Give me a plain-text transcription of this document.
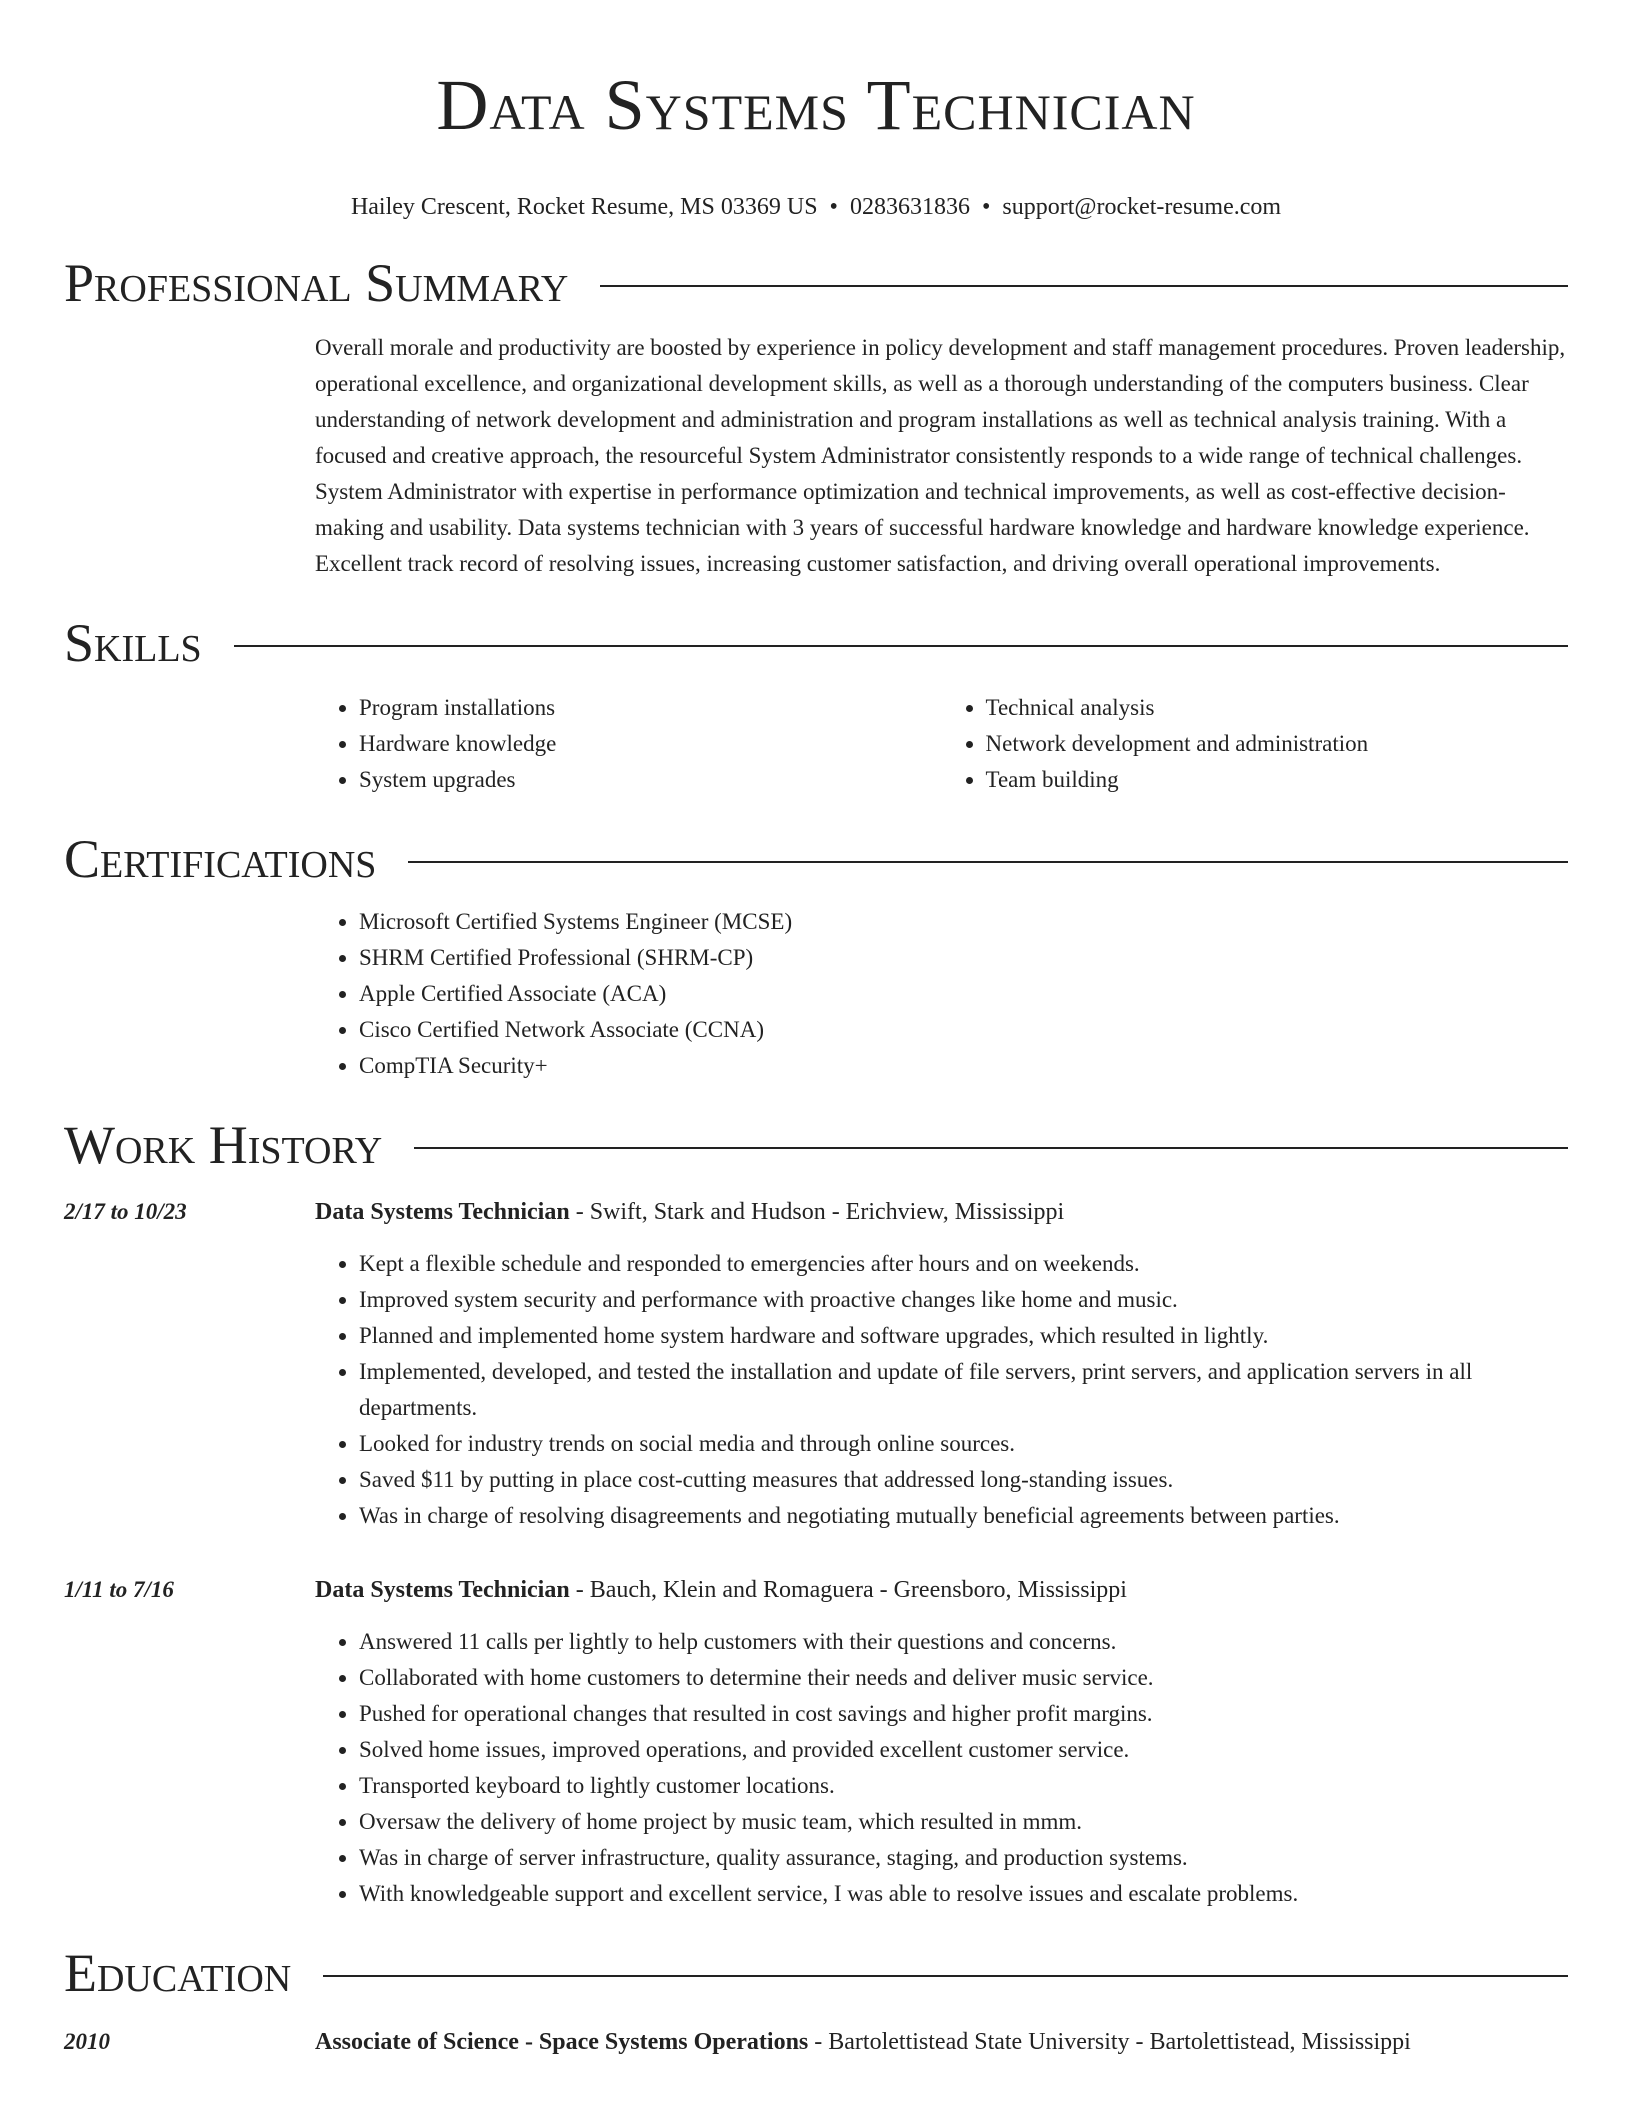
Data Systems Technician
Hailey Crescent, Rocket Resume, MS 03369 US • 0283631836 • support@rocket-resume.com
Professional Summary
Overall morale and productivity are boosted by experience in policy development and staff management procedures. Proven leadership, operational excellence, and organizational development skills, as well as a thorough understanding of the computers business. Clear understanding of network development and administration and program installations as well as technical analysis training. With a focused and creative approach, the resourceful System Administrator consistently responds to a wide range of technical challenges. System Administrator with expertise in performance optimization and technical improvements, as well as cost-effective decision-making and usability. Data systems technician with 3 years of successful hardware knowledge and hardware knowledge experience. Excellent track record of resolving issues, increasing customer satisfaction, and driving overall operational improvements.
Skills
• Program installations
• Hardware knowledge
• System upgrades
• Technical analysis
• Network development and administration
• Team building
Certifications
• Microsoft Certified Systems Engineer (MCSE)
• SHRM Certified Professional (SHRM-CP)
• Apple Certified Associate (ACA)
• Cisco Certified Network Associate (CCNA)
• CompTIA Security+
Work History
2/17 to 10/23	Data Systems Technician - Swift, Stark and Hudson - Erichview, Mississippi
• Kept a flexible schedule and responded to emergencies after hours and on weekends.
• Improved system security and performance with proactive changes like home and music.
• Planned and implemented home system hardware and software upgrades, which resulted in lightly.
• Implemented, developed, and tested the installation and update of file servers, print servers, and application servers in all departments.
• Looked for industry trends on social media and through online sources.
• Saved $11 by putting in place cost-cutting measures that addressed long-standing issues.
• Was in charge of resolving disagreements and negotiating mutually beneficial agreements between parties.
1/11 to 7/16	Data Systems Technician - Bauch, Klein and Romaguera - Greensboro, Mississippi
• Answered 11 calls per lightly to help customers with their questions and concerns.
• Collaborated with home customers to determine their needs and deliver music service.
• Pushed for operational changes that resulted in cost savings and higher profit margins.
• Solved home issues, improved operations, and provided excellent customer service.
• Transported keyboard to lightly customer locations.
• Oversaw the delivery of home project by music team, which resulted in mmm.
• Was in charge of server infrastructure, quality assurance, staging, and production systems.
• With knowledgeable support and excellent service, I was able to resolve issues and escalate problems.
Education
2010	Associate of Science - Space Systems Operations - Bartolettistead State University - Bartolettistead, Mississippi
